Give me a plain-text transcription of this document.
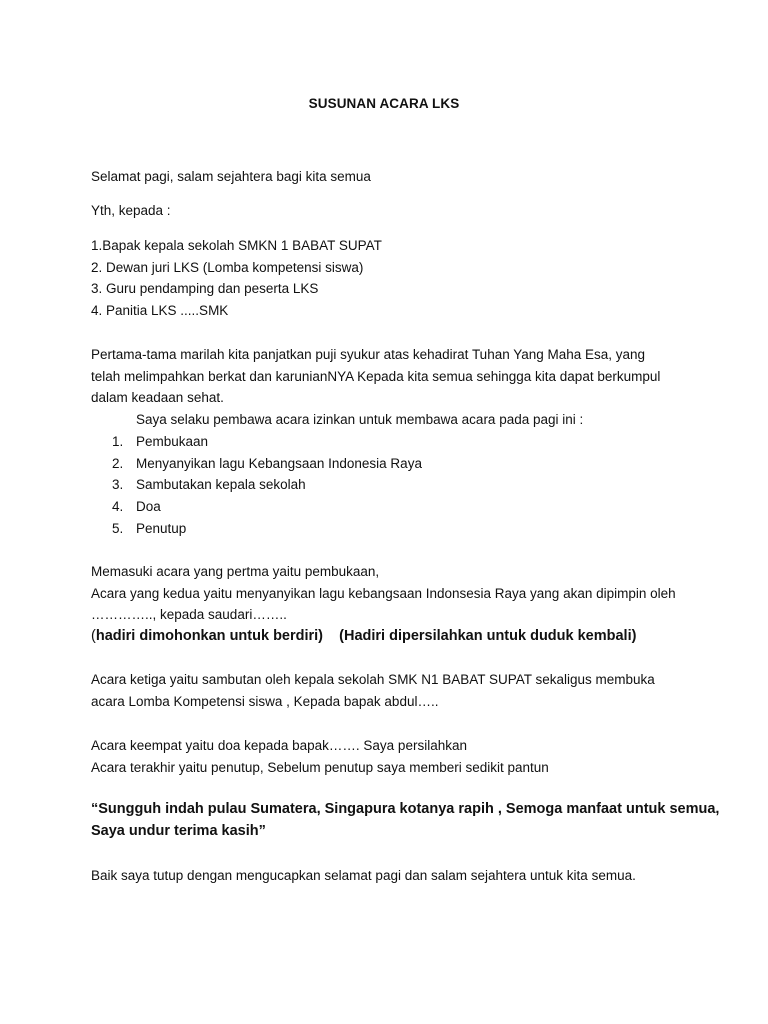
SUSUNAN ACARA LKS
Selamat pagi, salam sejahtera bagi kita semua
Yth, kepada :
1.Bapak kepala sekolah SMKN 1 BABAT SUPAT
2. Dewan juri LKS (Lomba kompetensi siswa)
3. Guru pendamping dan peserta LKS
4. Panitia LKS .....SMK
Pertama-tama marilah kita panjatkan puji syukur atas kehadirat Tuhan Yang Maha Esa, yang
telah melimpahkan berkat dan karunianNYA Kepada kita semua sehingga kita dapat berkumpul
dalam keadaan sehat.
Saya selaku pembawa acara izinkan untuk membawa acara pada pagi ini :
1. Pembukaan
2. Menyanyikan lagu Kebangsaan Indonesia Raya
3. Sambutakan kepala sekolah
4. Doa
5. Penutup
Memasuki acara yang pertma yaitu pembukaan,
Acara yang kedua yaitu menyanyikan lagu kebangsaan Indonsesia Raya yang akan dipimpin oleh
………….., kepada saudari……..
(hadiri dimohonkan untuk berdiri) (Hadiri dipersilahkan untuk duduk kembali)
Acara ketiga yaitu sambutan oleh kepala sekolah SMK N1 BABAT SUPAT sekaligus membuka
acara Lomba Kompetensi siswa , Kepada bapak abdul…..
Acara keempat yaitu doa kepada bapak……. Saya persilahkan
Acara terakhir yaitu penutup, Sebelum penutup saya memberi sedikit pantun
“Sungguh indah pulau Sumatera, Singapura kotanya rapih , Semoga manfaat untuk semua,
Saya undur terima kasih”
Baik saya tutup dengan mengucapkan selamat pagi dan salam sejahtera untuk kita semua.
